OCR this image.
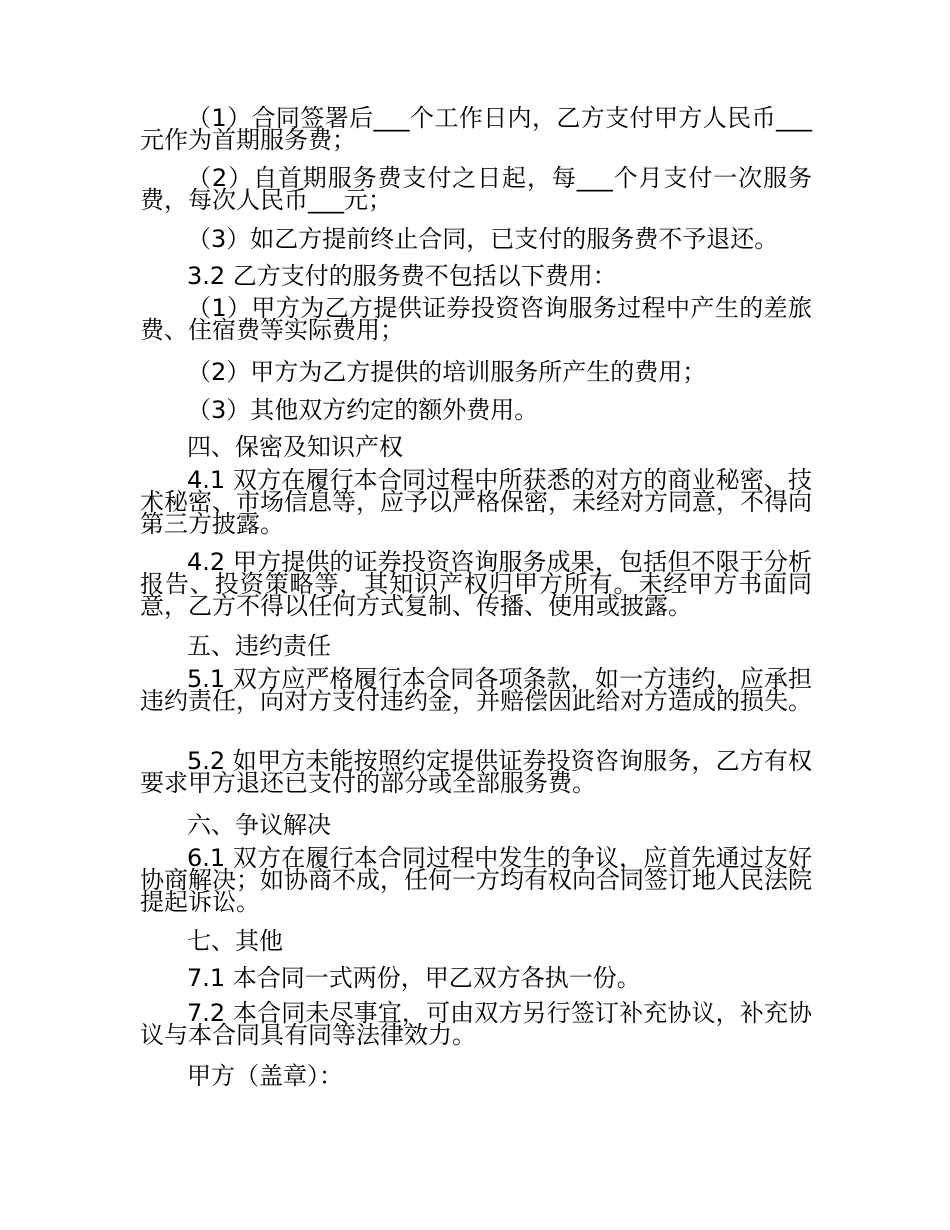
（1）合同签署后___个工作日内，乙方支付甲方人民币___元作为首期服务费；
（2）自首期服务费支付之日起，每___个月支付一次服务费，每次人民币___元；
（3）如乙方提前终止合同，已支付的服务费不予退还。
3.2 乙方支付的服务费不包括以下费用：
（1）甲方为乙方提供证券投资咨询服务过程中产生的差旅费、住宿费等实际费用；
（2）甲方为乙方提供的培训服务所产生的费用；
（3）其他双方约定的额外费用。
四、保密及知识产权
4.1 双方在履行本合同过程中所获悉的对方的商业秘密、技术秘密、市场信息等，应予以严格保密，未经对方同意，不得向第三方披露。
4.2 甲方提供的证券投资咨询服务成果，包括但不限于分析报告、投资策略等，其知识产权归甲方所有。未经甲方书面同意，乙方不得以任何方式复制、传播、使用或披露。
五、违约责任
5.1 双方应严格履行本合同各项条款，如一方违约，应承担违约责任，向对方支付违约金，并赔偿因此给对方造成的损失。
5.2 如甲方未能按照约定提供证券投资咨询服务，乙方有权要求甲方退还已支付的部分或全部服务费。
六、争议解决
6.1 双方在履行本合同过程中发生的争议，应首先通过友好协商解决；如协商不成，任何一方均有权向合同签订地人民法院提起诉讼。
七、其他
7.1 本合同一式两份，甲乙双方各执一份。
7.2 本合同未尽事宜，可由双方另行签订补充协议，补充协议与本合同具有同等法律效力。
甲方（盖章）：
